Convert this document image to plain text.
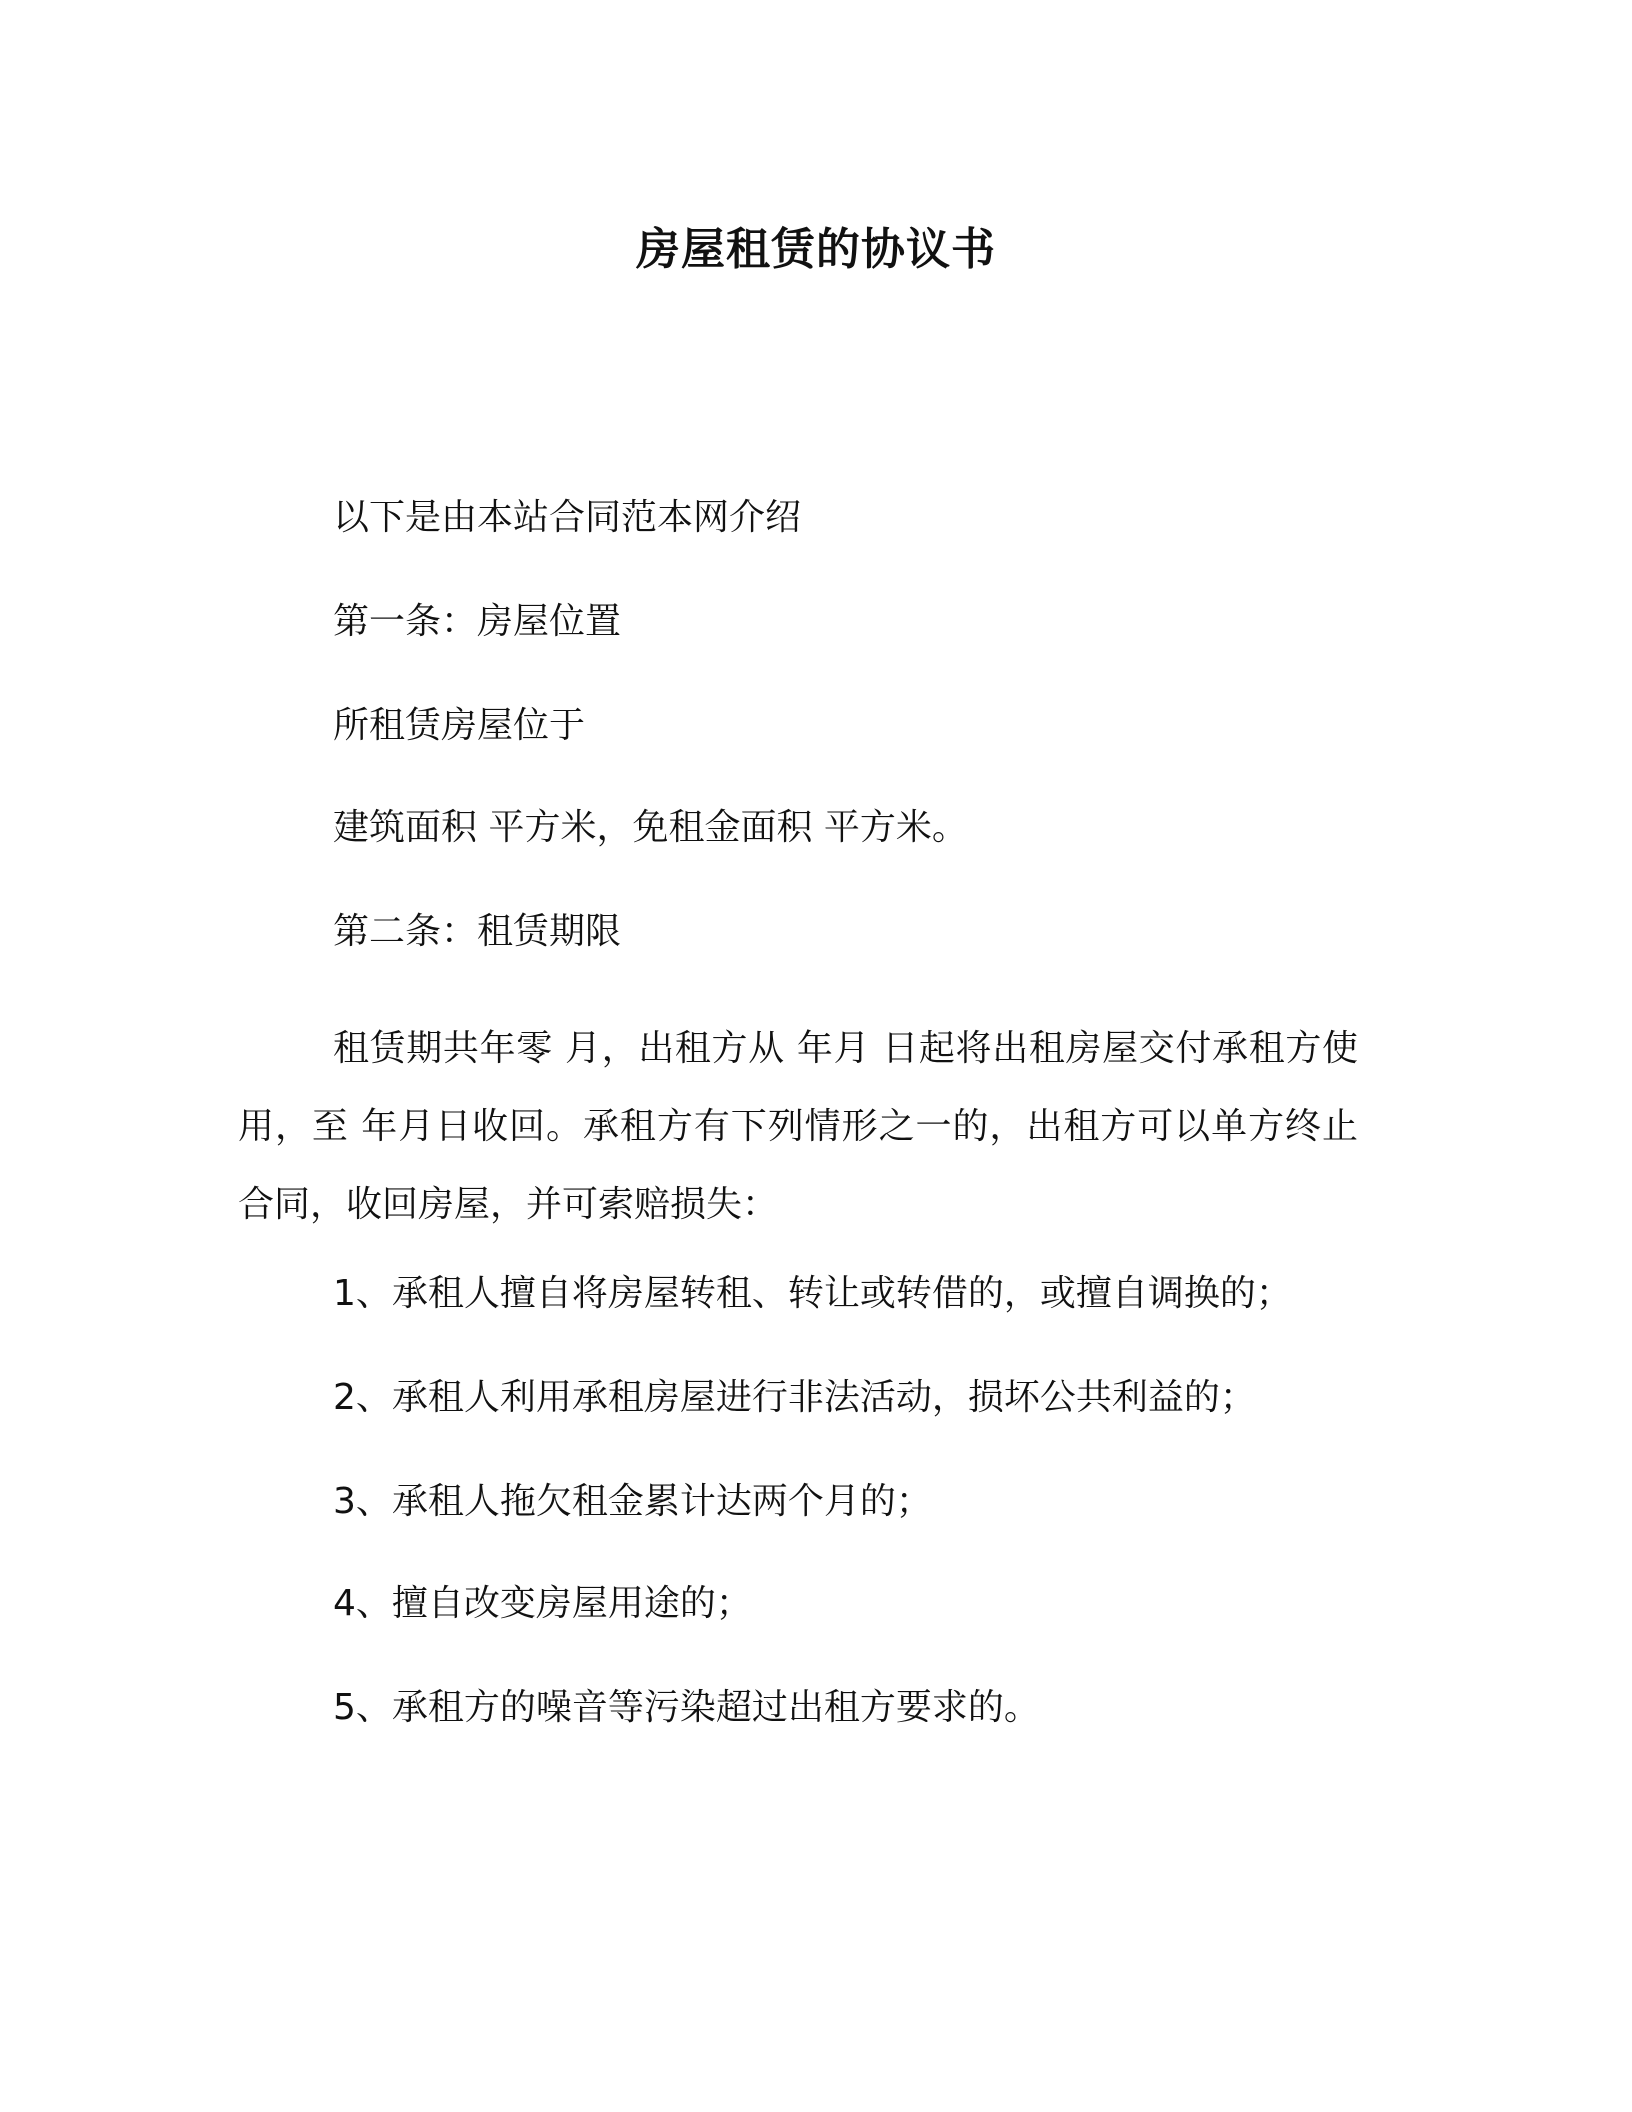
房屋租赁的协议书
以下是由本站合同范本网介绍
第一条：房屋位置
所租赁房屋位于
建筑面积 平方米，免租金面积 平方米。
第二条：租赁期限
租赁期共年零 月，出租方从 年月 日起将出租房屋交付承租方使用，至 年月日收回。承租方有下列情形之一的，出租方可以单方终止合同，收回房屋，并可索赔损失：
1、承租人擅自将房屋转租、转让或转借的，或擅自调换的；
2、承租人利用承租房屋进行非法活动，损坏公共利益的；
3、承租人拖欠租金累计达两个月的；
4、擅自改变房屋用途的；
5、承租方的噪音等污染超过出租方要求的。
